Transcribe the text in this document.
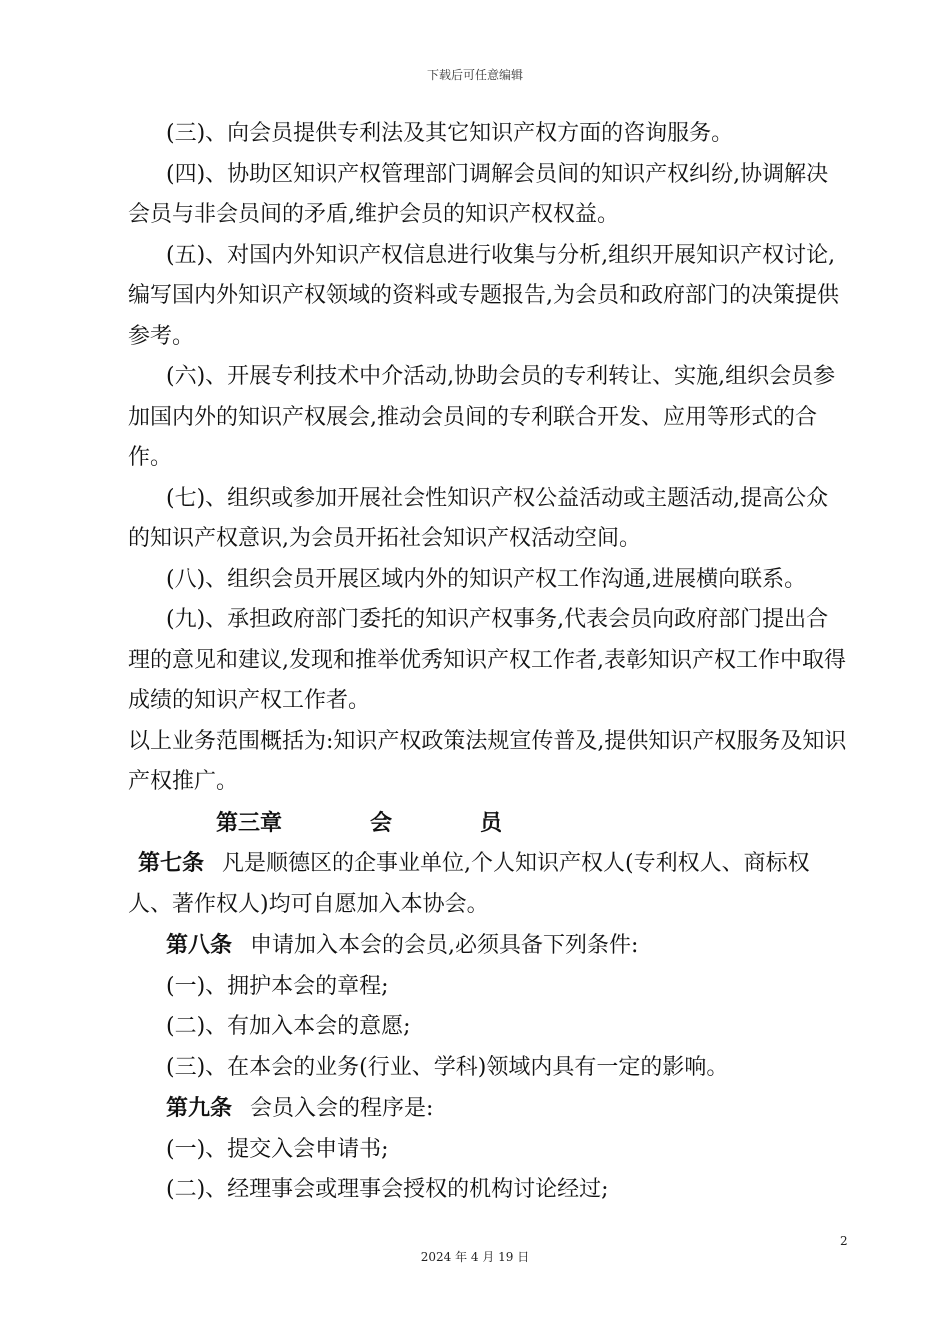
下载后可任意编辑

(三)、向会员提供专利法及其它知识产权方面的咨询服务。

(四)、协助区知识产权管理部门调解会员间的知识产权纠纷,协调解决会员与非会员间的矛盾,维护会员的知识产权权益。

(五)、对国内外知识产权信息进行收集与分析,组织开展知识产权讨论,编写国内外知识产权领域的资料或专题报告,为会员和政府部门的决策提供参考。

(六)、开展专利技术中介活动,协助会员的专利转让、实施,组织会员参加国内外的知识产权展会,推动会员间的专利联合开发、应用等形式的合作。

(七)、组织或参加开展社会性知识产权公益活动或主题活动,提高公众的知识产权意识,为会员开拓社会知识产权活动空间。

(八)、组织会员开展区域内外的知识产权工作沟通,进展横向联系。

(九)、承担政府部门委托的知识产权事务,代表会员向政府部门提出合理的意见和建议,发现和推举优秀知识产权工作者,表彰知识产权工作中取得成绩的知识产权工作者。

以上业务范围概括为:知识产权政策法规宣传普及,提供知识产权服务及知识产权推广。

第三章	会	员

第七条 凡是顺德区的企事业单位,个人知识产权人(专利权人、商标权人、著作权人)均可自愿加入本协会。

第八条 申请加入本会的会员,必须具备下列条件:

(一)、拥护本会的章程;

(二)、有加入本会的意愿;

(三)、在本会的业务(行业、学科)领域内具有一定的影响。

第九条 会员入会的程序是:

(一)、提交入会申请书;

(二)、经理事会或理事会授权的机构讨论经过;

2
2024 年 4 月 19 日
